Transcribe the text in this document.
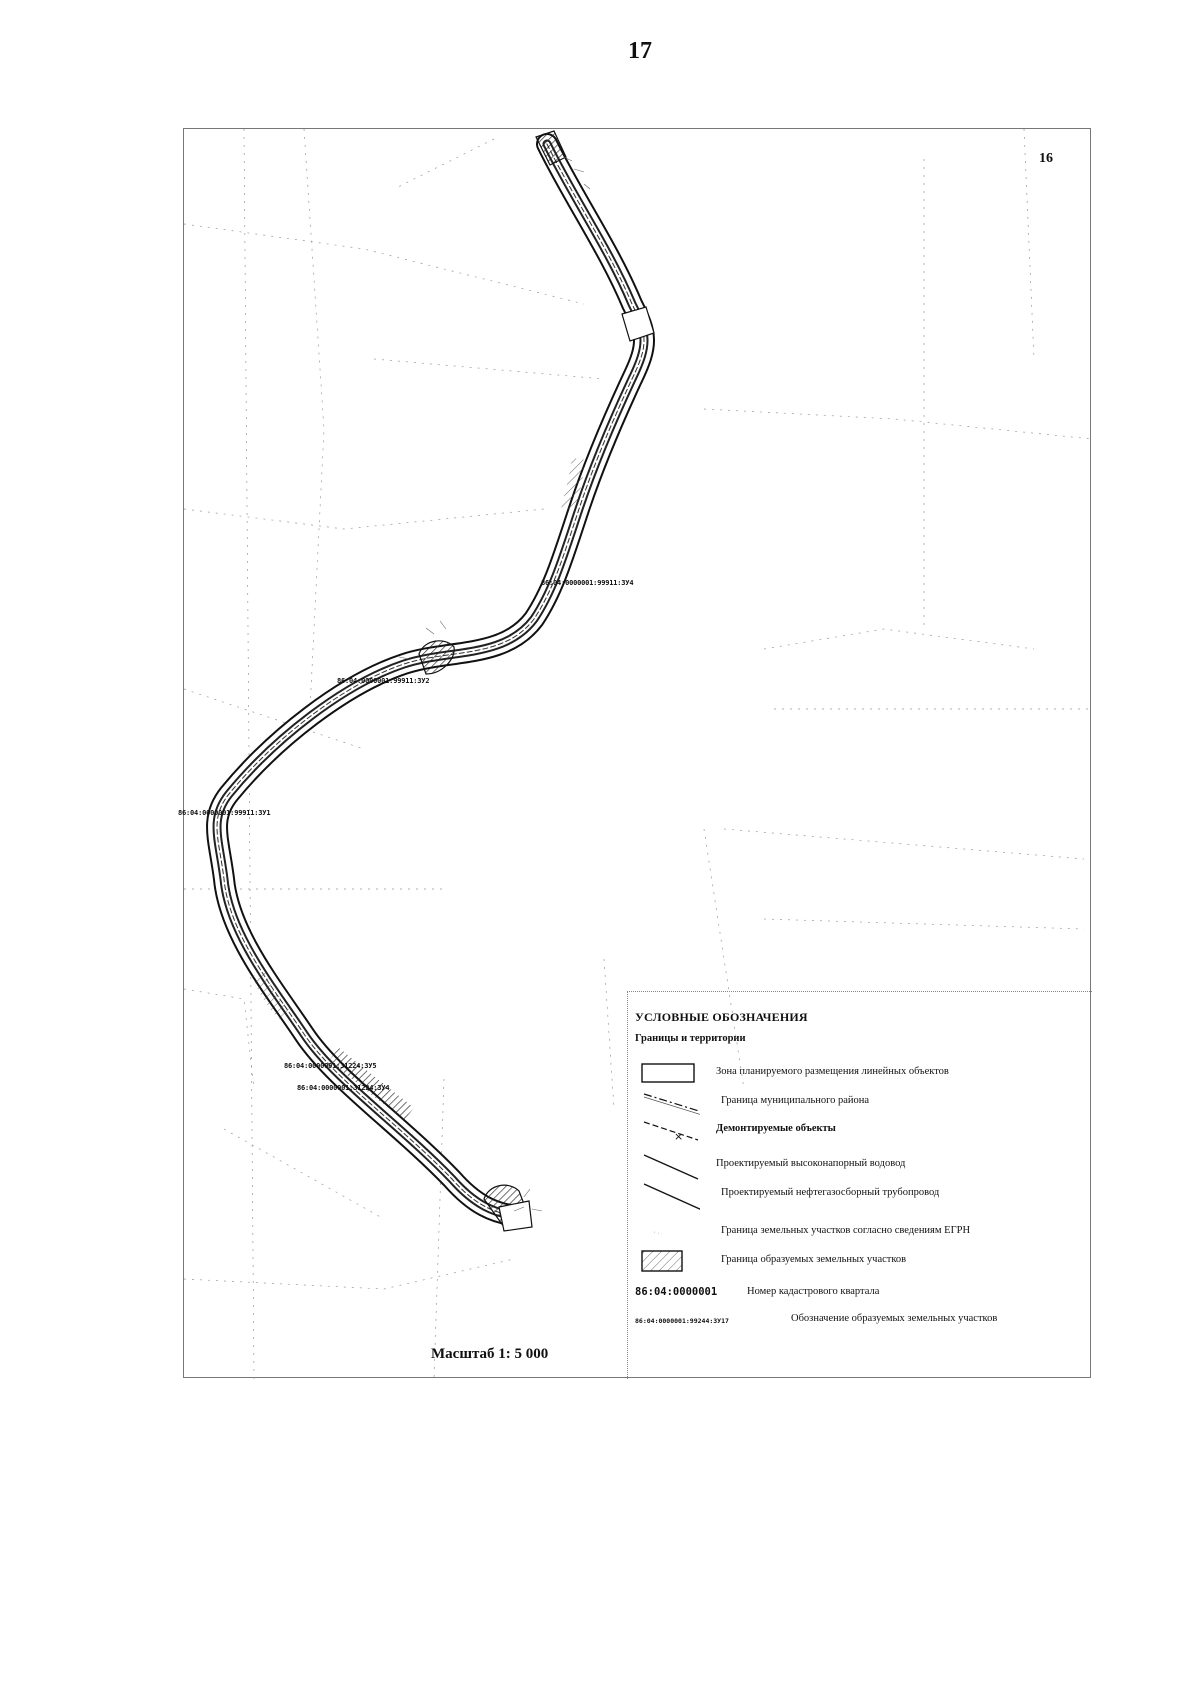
17
16
86:04:0000001:99911:ЗУ4
86:04:0000001:99911:ЗУ2
86:04:0000001:99911:ЗУ1
86:04:0000001:31224:ЗУ5
86:04:0000001:31224:ЗУ4
Масштаб 1: 5 000
УСЛОВНЫЕ ОБОЗНАЧЕНИЯ
Границы и территории
Зона планируемого размещения линейных объектов
Граница муниципального района
×
Демонтируемые объекты
Проектируемый высоконапорный водовод
Проектируемый нефтегазосборный трубопровод
Граница земельных участков согласно сведениям ЕГРН
Граница образуемых земельных участков
86:04:0000001	Номер кадастрового квартала
86:04:0000001:99244:ЗУ17	Обозначение образуемых земельных участков
